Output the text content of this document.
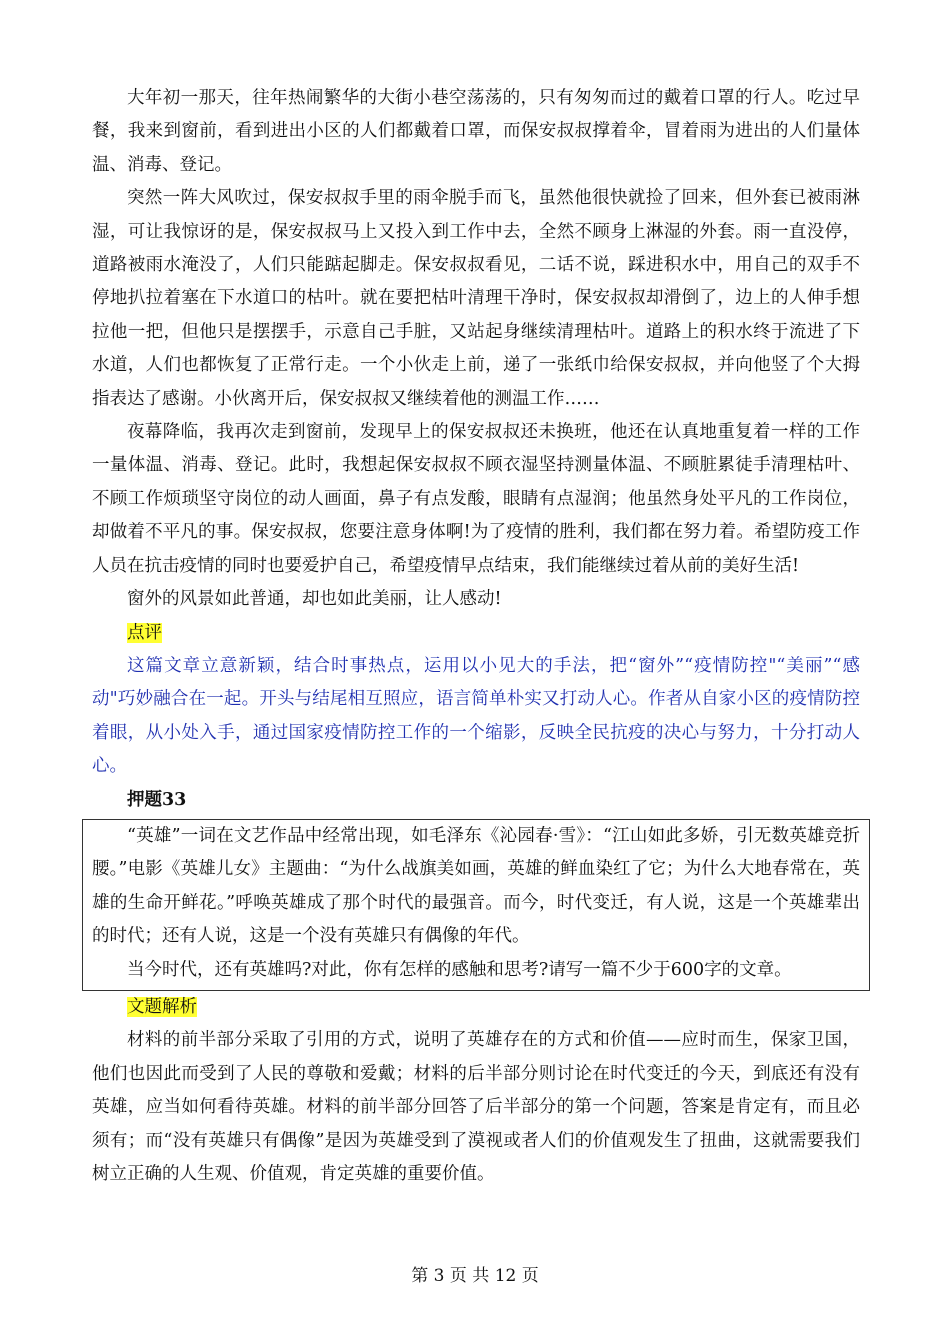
大年初一那天，往年热闹繁华的大街小巷空荡荡的，只有匆匆而过的戴着口罩的行人。吃过早餐，我来到窗前，看到进出小区的人们都戴着口罩，而保安叔叔撑着伞，冒着雨为进出的人们量体温、消毒、登记。

突然一阵大风吹过，保安叔叔手里的雨伞脱手而飞，虽然他很快就捡了回来，但外套已被雨淋湿，可让我惊讶的是，保安叔叔马上又投入到工作中去，全然不顾身上淋湿的外套。雨一直没停，道路被雨水淹没了，人们只能踮起脚走。保安叔叔看见，二话不说，踩进积水中，用自己的双手不停地扒拉着塞在下水道口的枯叶。就在要把枯叶清理干净时，保安叔叔却滑倒了，边上的人伸手想拉他一把，但他只是摆摆手，示意自己手脏，又站起身继续清理枯叶。道路上的积水终于流进了下水道，人们也都恢复了正常行走。一个小伙走上前，递了一张纸巾给保安叔叔，并向他竖了个大拇指表达了感谢。小伙离开后，保安叔叔又继续着他的测温工作……

夜幕降临，我再次走到窗前，发现早上的保安叔叔还未换班，他还在认真地重复着一样的工作一量体温、消毒、登记。此时，我想起保安叔叔不顾衣湿坚持测量体温、不顾脏累徒手清理枯叶、不顾工作烦琐坚守岗位的动人画面，鼻子有点发酸，眼睛有点湿润；他虽然身处平凡的工作岗位，却做着不平凡的事。保安叔叔，您要注意身体啊!为了疫情的胜利，我们都在努力着。希望防疫工作人员在抗击疫情的同时也要爱护自己，希望疫情早点结束，我们能继续过着从前的美好生活!

窗外的风景如此普通，却也如此美丽，让人感动!

点评

这篇文章立意新颖，结合时事热点，运用以小见大的手法，把“窗外”“疫情防控"“美丽”“感动"巧妙融合在一起。开头与结尾相互照应，语言简单朴实又打动人心。作者从自家小区的疫情防控着眼，从小处入手，通过国家疫情防控工作的一个缩影，反映全民抗疫的决心与努力，十分打动人心。

押题33

“英雄”一词在文艺作品中经常出现，如毛泽东《沁园春·雪》：“江山如此多娇，引无数英雄竞折腰。”电影《英雄儿女》主题曲：“为什么战旗美如画，英雄的鲜血染红了它；为什么大地春常在，英雄的生命开鲜花。”呼唤英雄成了那个时代的最强音。而今，时代变迁，有人说，这是一个英雄辈出的时代；还有人说，这是一个没有英雄只有偶像的年代。

当今时代，还有英雄吗?对此，你有怎样的感触和思考?请写一篇不少于600字的文章。

文题解析

材料的前半部分采取了引用的方式，说明了英雄存在的方式和价值——应时而生，保家卫国，他们也因此而受到了人民的尊敬和爱戴；材料的后半部分则讨论在时代变迁的今天，到底还有没有英雄，应当如何看待英雄。材料的前半部分回答了后半部分的第一个问题，答案是肯定有，而且必须有；而“没有英雄只有偶像”是因为英雄受到了漠视或者人们的价值观发生了扭曲，这就需要我们树立正确的人生观、价值观，肯定英雄的重要价值。

第 3 页 共 12 页
